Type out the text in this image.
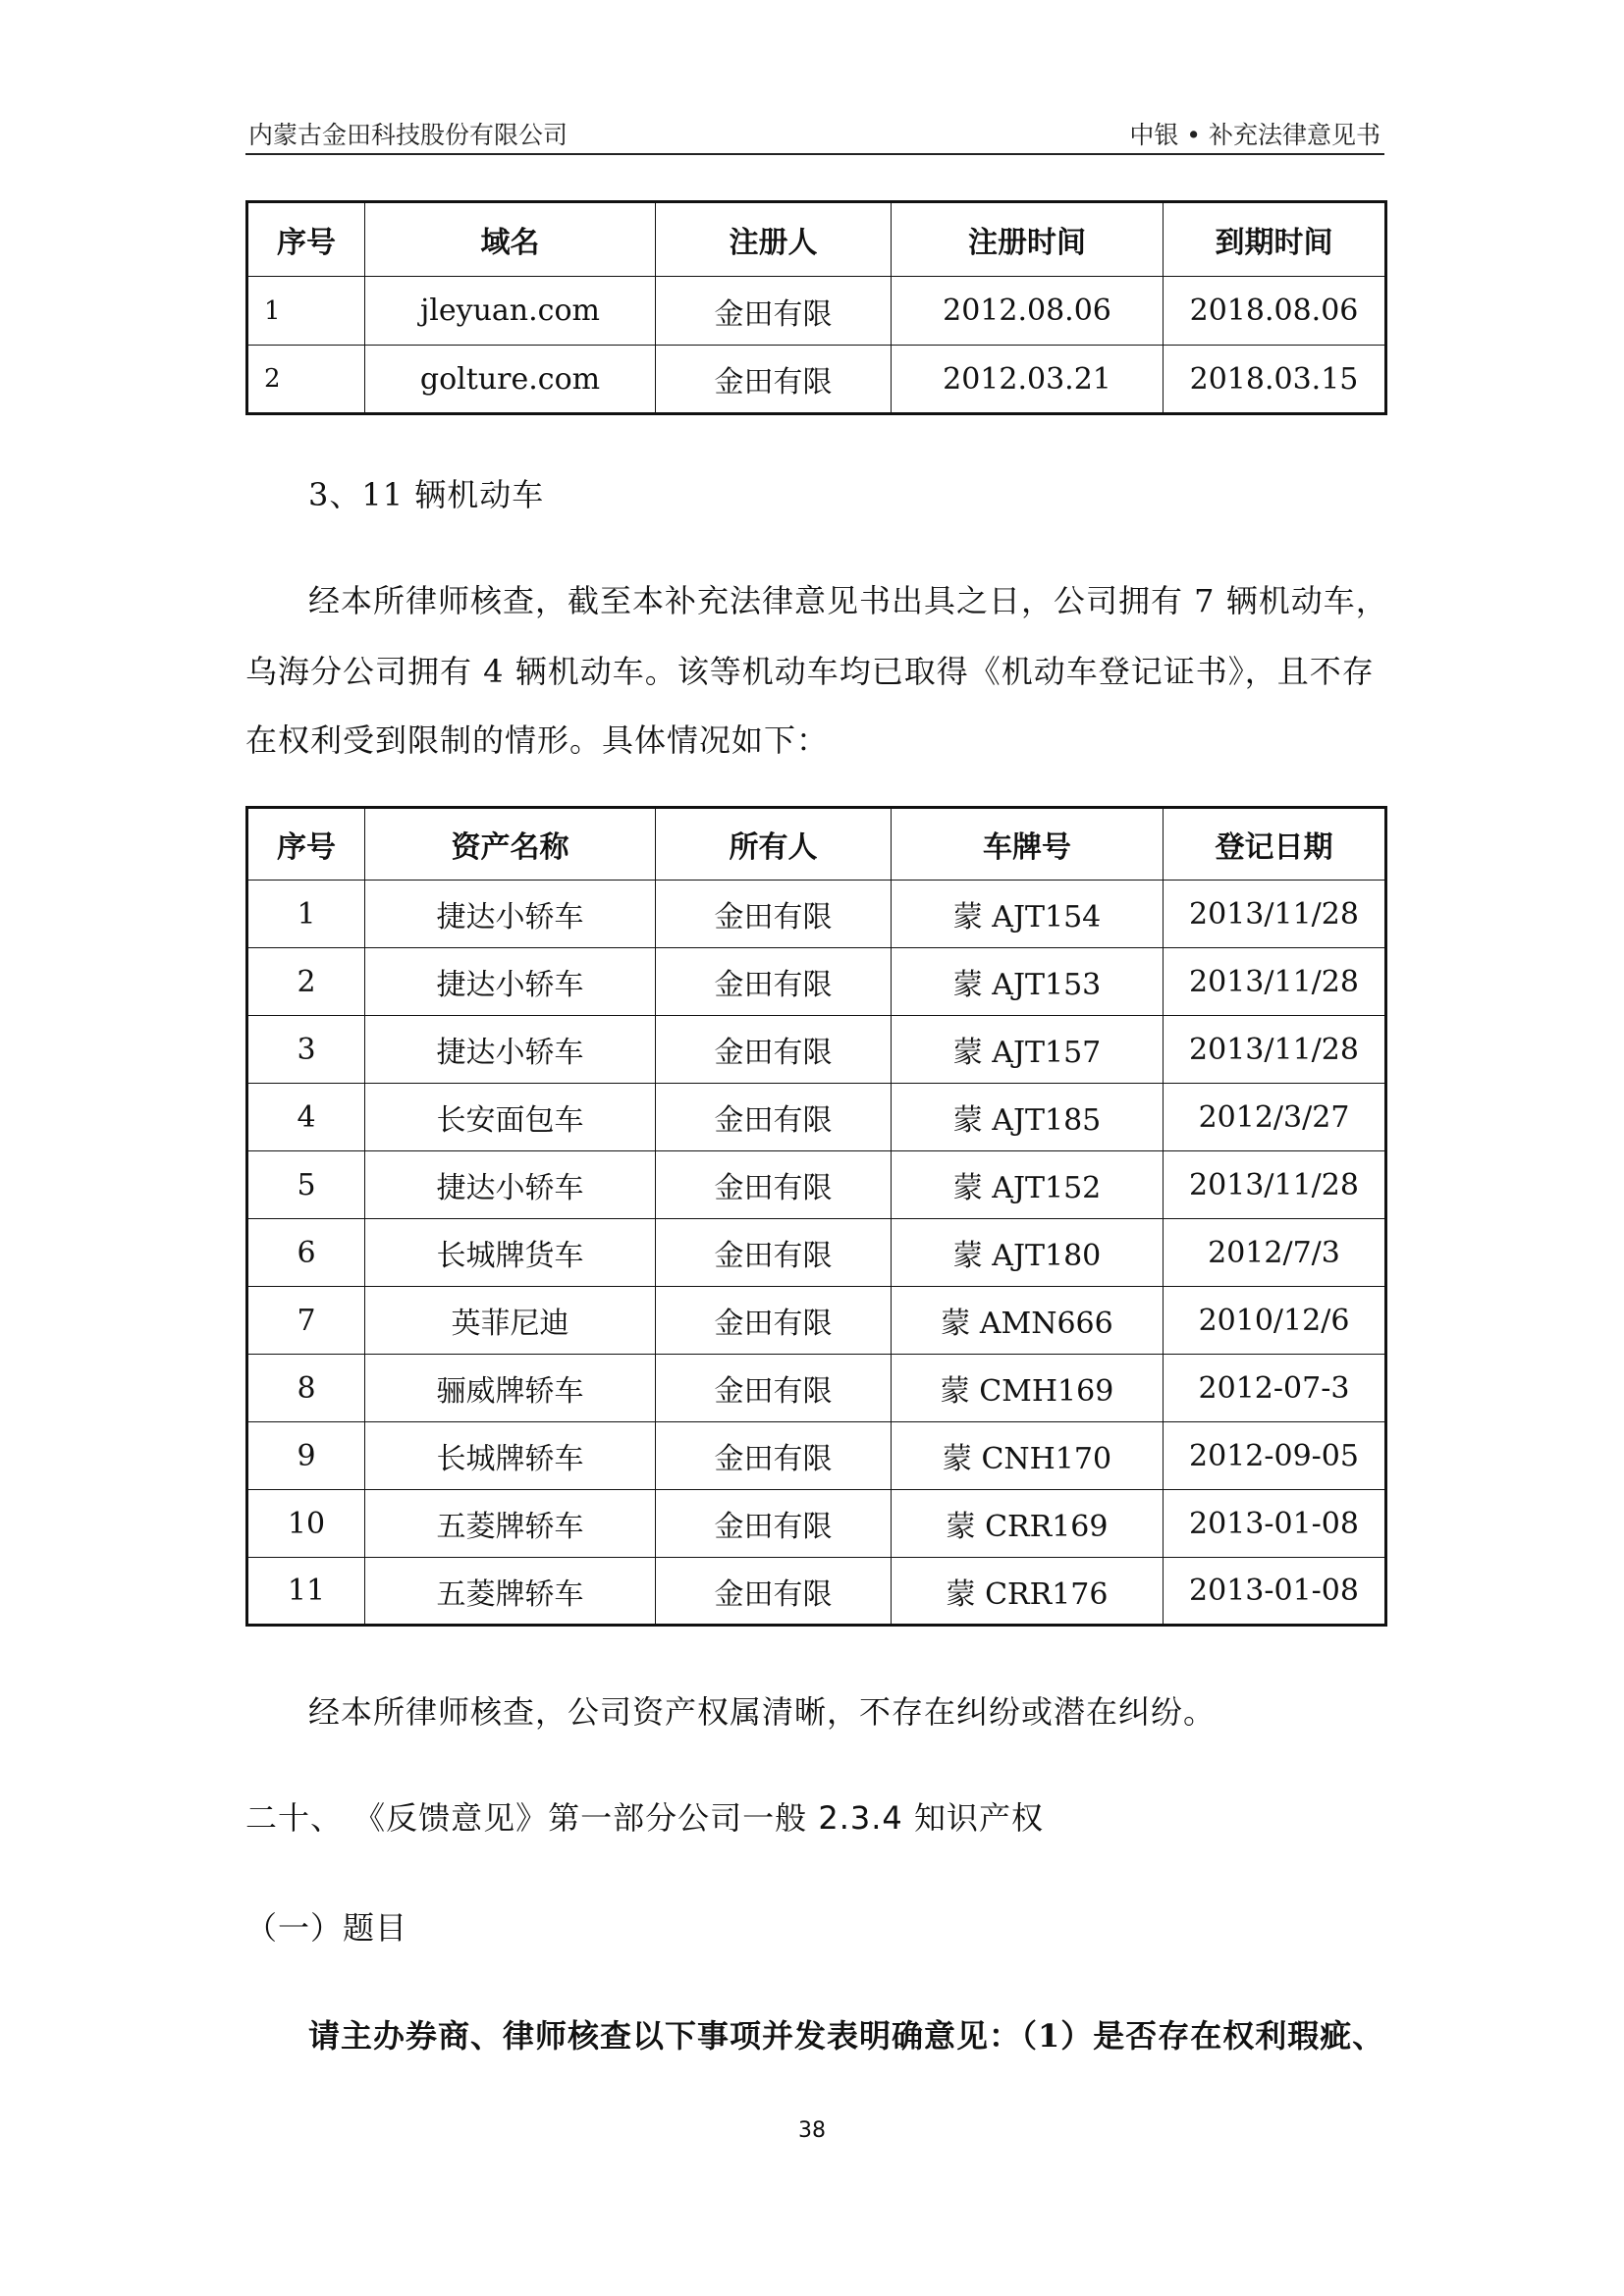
内蒙古金田科技股份有限公司	中银 • 补充法律意见书
序号	域名	注册人	注册时间	到期时间
1	jleyuan.com	金田有限	2012.08.06	2018.08.06
2	golture.com	金田有限	2012.03.21	2018.03.15

3、11 辆机动车

经本所律师核查，截至本补充法律意见书出具之日，公司拥有 7 辆机动车，

乌海分公司拥有 4 辆机动车。该等机动车均已取得《机动车登记证书》，且不存

在权利受到限制的情形。具体情况如下：

序号	资产名称	所有人	车牌号	登记日期
1	捷达小轿车	金田有限	蒙 AJT154	2013/11/28
2	捷达小轿车	金田有限	蒙 AJT153	2013/11/28
3	捷达小轿车	金田有限	蒙 AJT157	2013/11/28
4	长安面包车	金田有限	蒙 AJT185	2012/3/27
5	捷达小轿车	金田有限	蒙 AJT152	2013/11/28
6	长城牌货车	金田有限	蒙 AJT180	2012/7/3
7	英菲尼迪	金田有限	蒙 AMN666	2010/12/6
8	骊威牌轿车	金田有限	蒙 CMH169	2012-07-3
9	长城牌轿车	金田有限	蒙 CNH170	2012-09-05
10	五菱牌轿车	金田有限	蒙 CRR169	2013-01-08
11	五菱牌轿车	金田有限	蒙 CRR176	2013-01-08

经本所律师核查，公司资产权属清晰，不存在纠纷或潜在纠纷。

二十、 《反馈意见》第一部分公司一般 2.3.4 知识产权

（一）题目

请主办券商、律师核查以下事项并发表明确意见：（1）是否存在权利瑕疵、

38
